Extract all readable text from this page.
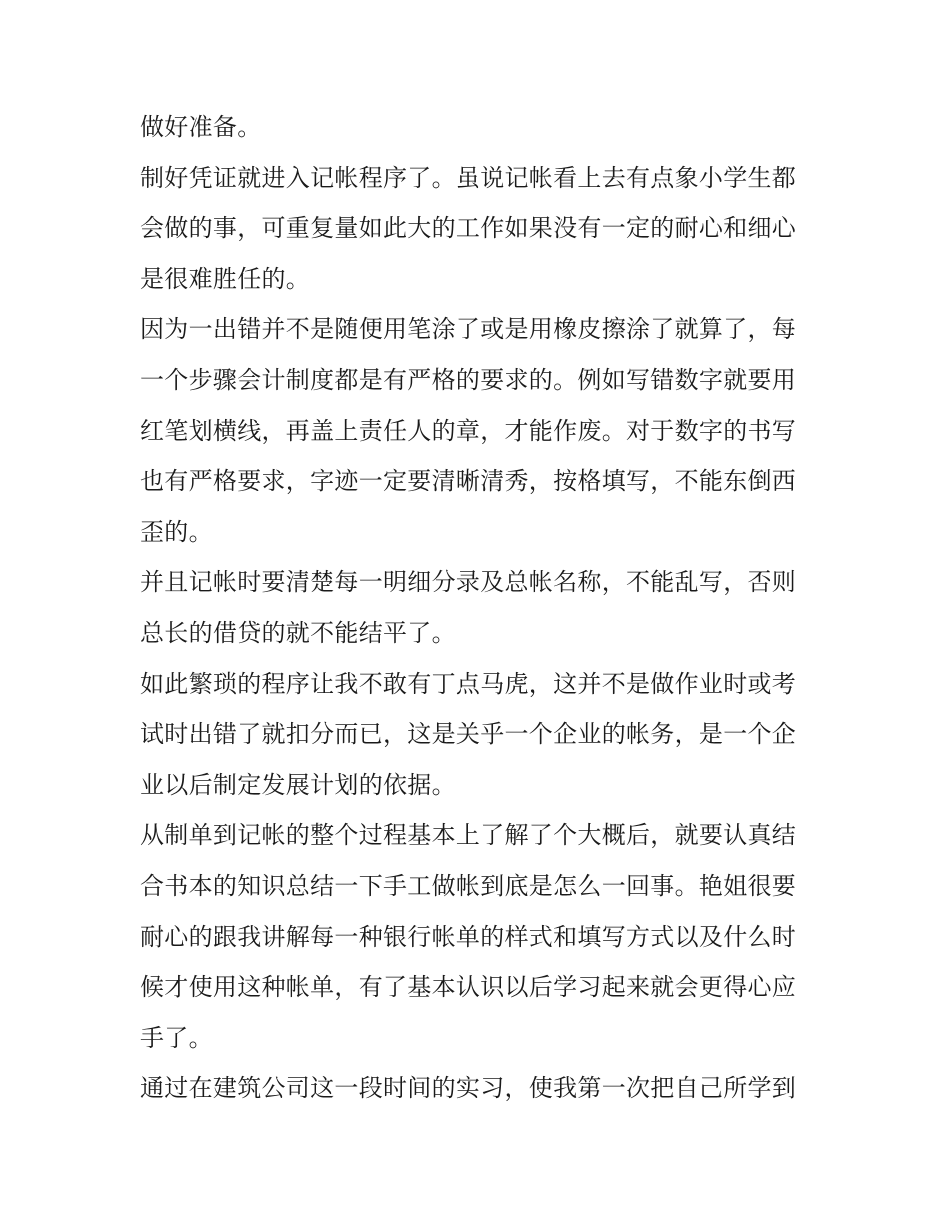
做好准备。
制好凭证就进入记帐程序了。虽说记帐看上去有点象小学生都
会做的事，可重复量如此大的工作如果没有一定的耐心和细心
是很难胜任的。
因为一出错并不是随便用笔涂了或是用橡皮擦涂了就算了，每
一个步骤会计制度都是有严格的要求的。例如写错数字就要用
红笔划横线，再盖上责任人的章，才能作废。对于数字的书写
也有严格要求，字迹一定要清晰清秀，按格填写，不能东倒西
歪的。
并且记帐时要清楚每一明细分录及总帐名称，不能乱写，否则
总长的借贷的就不能结平了。
如此繁琐的程序让我不敢有丁点马虎，这并不是做作业时或考
试时出错了就扣分而已，这是关乎一个企业的帐务，是一个企
业以后制定发展计划的依据。
从制单到记帐的整个过程基本上了解了个大概后，就要认真结
合书本的知识总结一下手工做帐到底是怎么一回事。艳姐很要
耐心的跟我讲解每一种银行帐单的样式和填写方式以及什么时
候才使用这种帐单，有了基本认识以后学习起来就会更得心应
手了。
通过在建筑公司这一段时间的实习，使我第一次把自己所学到
